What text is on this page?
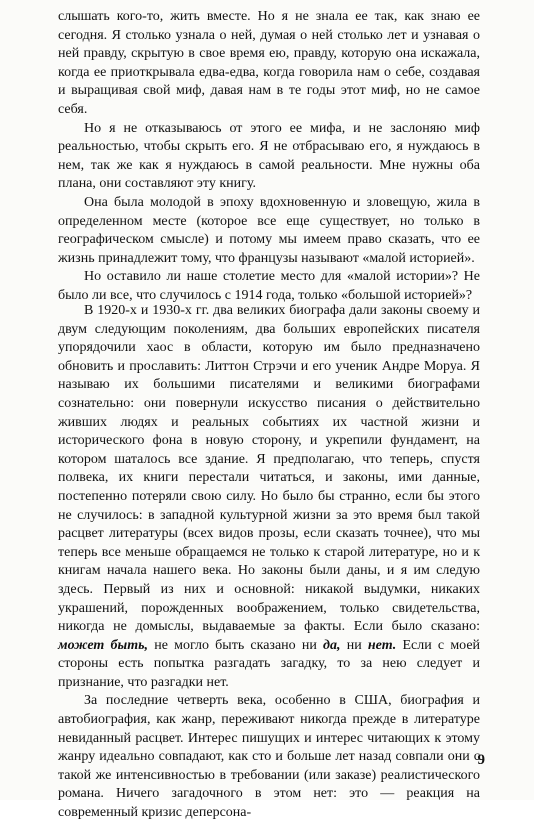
слышать кого-то, жить вместе. Но я не знала ее так, как знаю ее сегодня. Я столько узнала о ней, думая о ней столько лет и узнавая о ней правду, скрытую в свое время ею, правду, которую она искажала, когда ее приоткрывала едва-едва, когда говорила нам о себе, создавая и выращивая свой миф, давая нам в те годы этот миф, но не самое себя.

Но я не отказываюсь от этого ее мифа, и не заслоняю миф реальностью, чтобы скрыть его. Я не отбрасываю его, я нуждаюсь в нем, так же как я нуждаюсь в самой реальности. Мне нужны оба плана, они составляют эту книгу.

Она была молодой в эпоху вдохновенную и зловещую, жила в определенном месте (которое все еще существует, но только в географическом смысле) и потому мы имеем право сказать, что ее жизнь принадлежит тому, что французы называют «малой историей».

Но оставило ли наше столетие место для «малой истории»? Не было ли все, что случилось с 1914 года, только «большой историей»?

В 1920-х и 1930-х гг. два великих биографа дали законы своему и двум следующим поколениям, два больших европейских писателя упорядочили хаос в области, которую им было предназначено обновить и прославить: Литтон Стрэчи и его ученик Андре Моруа. Я называю их большими писателями и великими биографами сознательно: они повернули искусство писания о действительно живших людях и реальных событиях их частной жизни и исторического фона в новую сторону, и укрепили фундамент, на котором шаталось все здание. Я предполагаю, что теперь, спустя полвека, их книги перестали читаться, и законы, ими данные, постепенно потеряли свою силу. Но было бы странно, если бы этого не случилось: в западной культурной жизни за это время был такой расцвет литературы (всех видов прозы, если сказать точнее), что мы теперь все меньше обращаемся не только к старой литературе, но и к книгам начала нашего века. Но законы были даны, и я им следую здесь. Первый из них и основной: никакой выдумки, никаких украшений, порожденных воображением, только свидетельства, никогда не домыслы, выдаваемые за факты. Если было сказано: может быть, не могло быть сказано ни да, ни нет. Если с моей стороны есть попытка разгадать загадку, то за нею следует и признание, что разгадки нет.

За последние четверть века, особенно в США, биография и автобиография, как жанр, переживают никогда прежде в литературе невиданный расцвет. Интерес пишущих и интерес читающих к этому жанру идеально совпадают, как сто и больше лет назад совпали они с такой же интенсивностью в требовании (или заказе) реалистического романа. Ничего загадочного в этом нет: это — реакция на современный кризис деперсона-

9
